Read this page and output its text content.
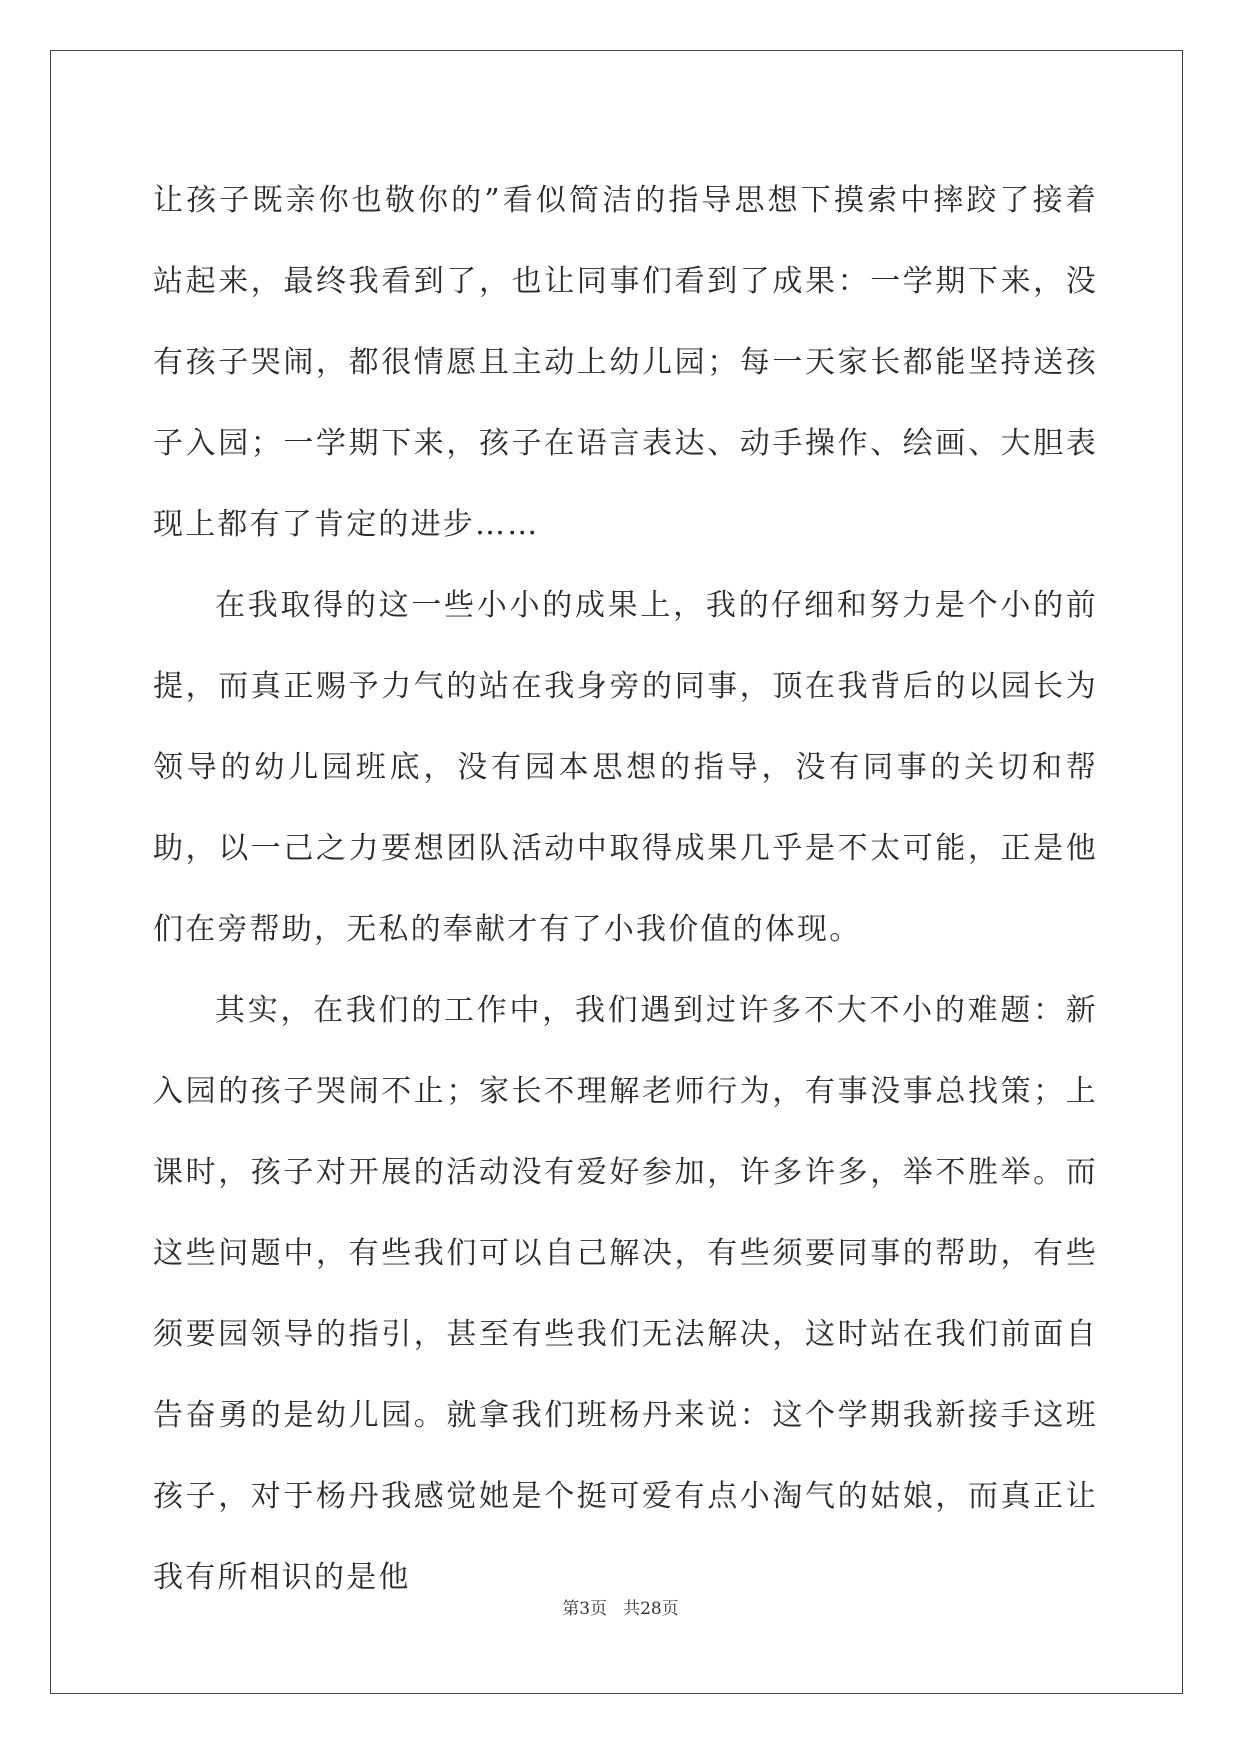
让孩子既亲你也敬你的”看似简洁的指导思想下摸索中摔跤了接着站起来，最终我看到了，也让同事们看到了成果：一学期下来，没有孩子哭闹，都很情愿且主动上幼儿园；每一天家长都能坚持送孩子入园；一学期下来，孩子在语言表达、动手操作、绘画、大胆表现上都有了肯定的进步……

在我取得的这一些小小的成果上，我的仔细和努力是个小的前提，而真正赐予力气的站在我身旁的同事，顶在我背后的以园长为领导的幼儿园班底，没有园本思想的指导，没有同事的关切和帮助，以一己之力要想团队活动中取得成果几乎是不太可能，正是他们在旁帮助，无私的奉献才有了小我价值的体现。

其实，在我们的工作中，我们遇到过许多不大不小的难题：新入园的孩子哭闹不止；家长不理解老师行为，有事没事总找策；上课时，孩子对开展的活动没有爱好参加，许多许多，举不胜举。而这些问题中，有些我们可以自己解决，有些须要同事的帮助，有些须要园领导的指引，甚至有些我们无法解决，这时站在我们前面自告奋勇的是幼儿园。就拿我们班杨丹来说：这个学期我新接手这班孩子，对于杨丹我感觉她是个挺可爱有点小淘气的姑娘，而真正让我有所相识的是他

第3页 共28页
